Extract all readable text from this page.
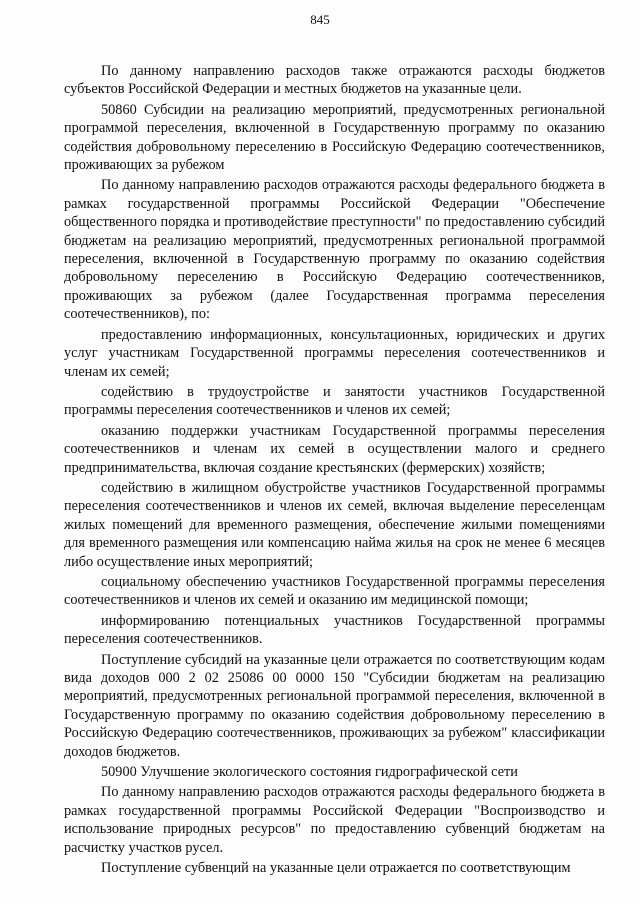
845

По данному направлению расходов также отражаются расходы бюджетов субъектов Российской Федерации и местных бюджетов на указанные цели.

50860 Субсидии на реализацию мероприятий, предусмотренных региональной программой переселения, включенной в Государственную программу по оказанию содействия добровольному переселению в Российскую Федерацию соотечественников, проживающих за рубежом

По данному направлению расходов отражаются расходы федерального бюджета в рамках государственной программы Российской Федерации "Обеспечение общественного порядка и противодействие преступности" по предоставлению субсидий бюджетам на реализацию мероприятий, предусмотренных региональной программой переселения, включенной в Государственную программу по оказанию содействия добровольному переселению в Российскую Федерацию соотечественников, проживающих за рубежом (далее Государственная программа переселения соотечественников), по:

предоставлению информационных, консультационных, юридических и других услуг участникам Государственной программы переселения соотечественников и членам их семей;

содействию в трудоустройстве и занятости участников Государственной программы переселения соотечественников и членов их семей;

оказанию поддержки участникам Государственной программы переселения соотечественников и членам их семей в осуществлении малого и среднего предпринимательства, включая создание крестьянских (фермерских) хозяйств;

содействию в жилищном обустройстве участников Государственной программы переселения соотечественников и членов их семей, включая выделение переселенцам жилых помещений для временного размещения, обеспечение жилыми помещениями для временного размещения или компенсацию найма жилья на срок не менее 6 месяцев либо осуществление иных мероприятий;

социальному обеспечению участников Государственной программы переселения соотечественников и членов их семей и оказанию им медицинской помощи;

информированию потенциальных участников Государственной программы переселения соотечественников.

Поступление субсидий на указанные цели отражается по соответствующим кодам вида доходов 000 2 02 25086 00 0000 150 "Субсидии бюджетам на реализацию мероприятий, предусмотренных региональной программой переселения, включенной в Государственную программу по оказанию содействия добровольному переселению в Российскую Федерацию соотечественников, проживающих за рубежом" классификации доходов бюджетов.

50900 Улучшение экологического состояния гидрографической сети

По данному направлению расходов отражаются расходы федерального бюджета в рамках государственной программы Российской Федерации "Воспроизводство и использование природных ресурсов" по предоставлению субвенций бюджетам на расчистку участков русел.

Поступление субвенций на указанные цели отражается по соответствующим
